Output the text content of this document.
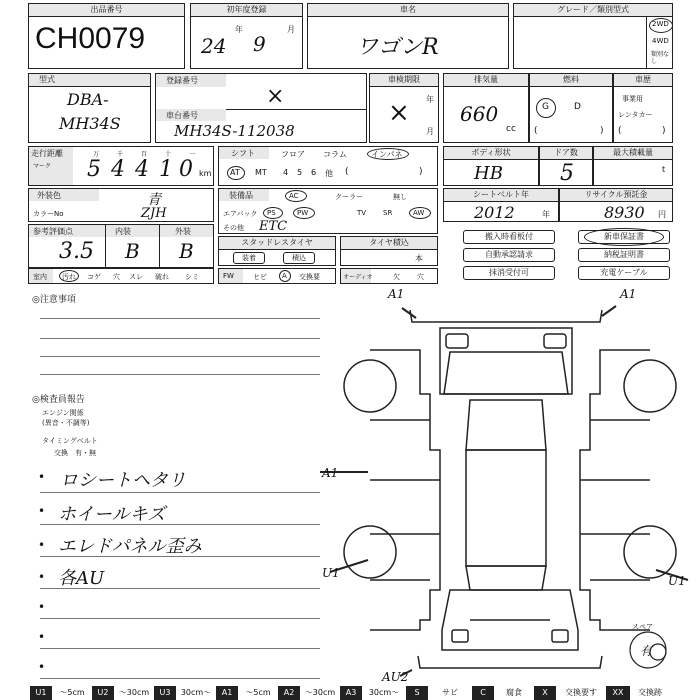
出品番号
CH0079
初年度登録
24
年
9
月
車名
ワゴンR
グレード／類別型式
2WD
4WD
類別なし
型式
DBA-
MH34S
登録番号
×
車台番号
MH34S-112038
車検期限
年
月
×
排気量
660
cc
燃料
G	D
(	)
車歴
事業用
レンタカー
(	)
走行距離
マーク
万	千	百	十	一
5 4 4 1 0 km
シフト	フロア コラム	インパネ
AT MT 4 5 6 他 (	)
ボディ形状
HB
ドア数
5
最大積載量
t
外装色	青
カラーNo	ZJH
装備品	AC	クーラー	無し
エアバック PS	PW	TV SR	AW
その他 ETC
シートベルト年
2012	年
リサイクル預託金
8930 円
参考評価点	内装	外装
3.5 B B	スタッドレスタイヤ
装着	積込
タイヤ積込
本
搬入時看板付	新車保証書
自動承認請求	納税証明書
抹消受付可	充電ケーブル
室内 汚れ コゲ 穴 スレ 破れ シミ	FW	ヒビ A 交換要	オーディオ	欠 穴
◎注意事項
◎検査員報告
エンジン関係
(異音・不調等)
タイミングベルト
交換　有・無
• ロシートヘタリ
• ホイールキズ
• エレドパネル歪み
• 各AU
•
•
•
A1	A1
A1
U1
U1
AU2
スペア
有
U1	～5cm	U2	～30cm	U3	30cm～	A1	～5cm	A2	～30cm	A3	30cm～	S	サビ	C	腐食	X	交換要す	XX	交換跡
